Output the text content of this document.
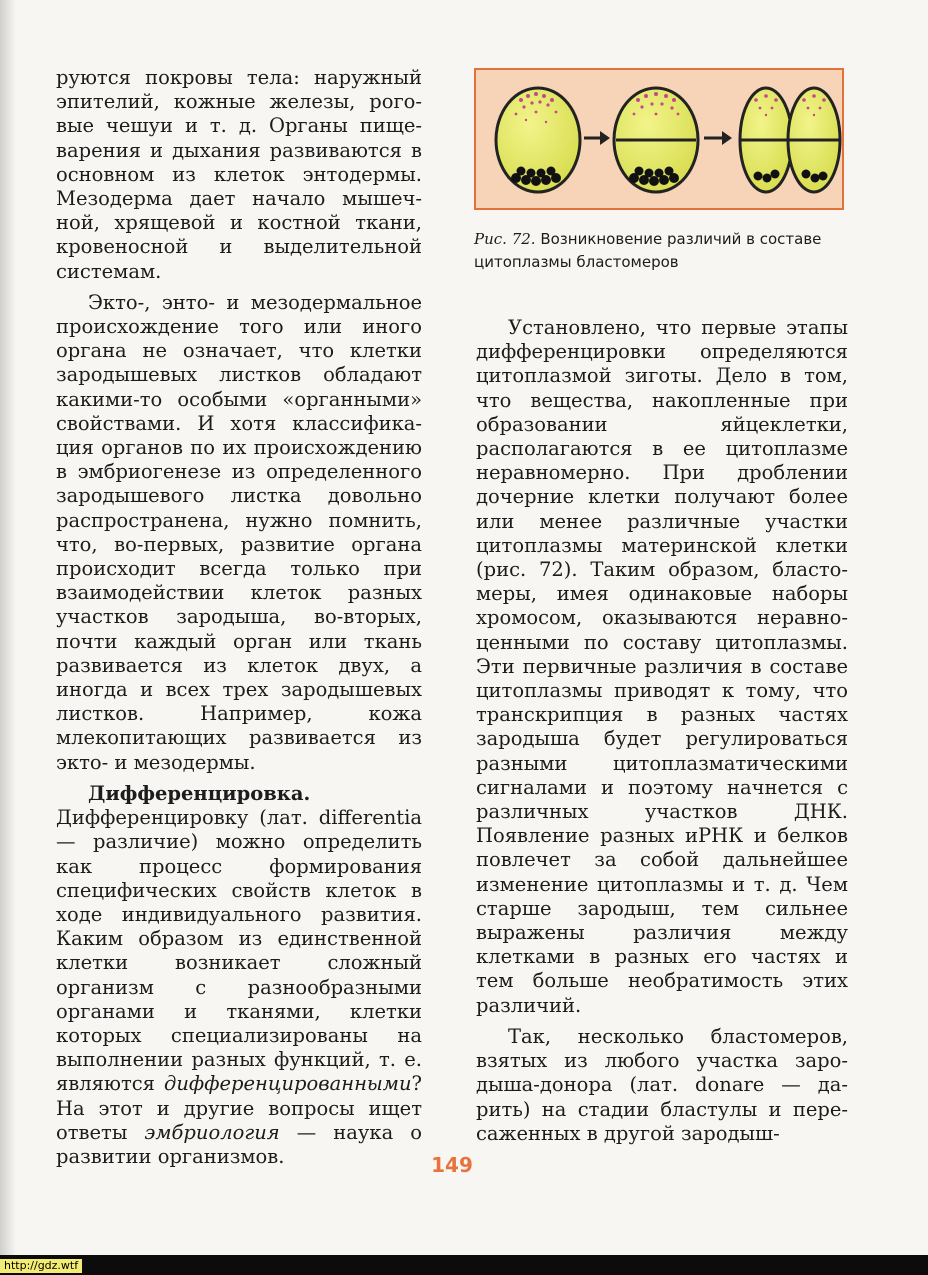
руются покровы тела: наружный эпителий, кожные железы, роговые чешуи и т. д. Органы пищеварения и дыхания развиваются в основном из клеток энтодермы. Мезодерма дает начало мышечной, хрящевой и костной ткани, кровеносной и выделительной системам.

Экто-, энто- и мезодермальное происхождение того или иного органа не означает, что клетки зародышевых листков обладают какими-то особыми «органными» свойствами. И хотя классификация органов по их происхождению в эмбриогенезе из определенного зародышевого листка довольно распространена, нужно помнить, что, во-первых, развитие органа происходит всегда только при взаимодействии клеток разных участков зародыша, во-вторых, почти каждый орган или ткань развивается из клеток двух, а иногда и всех трех зародышевых листков. Например, кожа млекопитающих развивается из экто- и мезодермы.

Дифференцировка. Дифференцировку (лат. differentia — различие) можно определить как процесс формирования специфических свойств клеток в ходе индивидуального развития. Каким образом из единственной клетки возникает сложный организм с разнообразными органами и тканями, клетки которых специализированы на выполнении разных функций, т. е. являются дифференцированными? На этот и другие вопросы ищет ответы эмбриология — наука о развитии организмов.

Рис. 72. Возникновение различий в составе цитоплазмы бластомеров

Установлено, что первые этапы дифференцировки определяются цитоплазмой зиготы. Дело в том, что вещества, накопленные при образовании яйцеклетки, располагаются в ее цитоплазме неравномерно. При дроблении дочерние клетки получают более или менее различные участки цитоплазмы материнской клетки (рис. 72). Таким образом, бластомеры, имея одинаковые наборы хромосом, оказываются неравноценными по составу цитоплазмы. Эти первичные различия в составе цитоплазмы приводят к тому, что транскрипция в разных частях зародыша будет регулироваться разными цитоплазматическими сигналами и поэтому начнется с различных участков ДНК. Появление разных иРНК и белков повлечет за собой дальнейшее изменение цитоплазмы и т. д. Чем старше зародыш, тем сильнее выражены различия между клетками в разных его частях и тем больше необратимость этих различий.

Так, несколько бластомеров, взятых из любого участка зародыша-донора (лат. donare — дарить) на стадии бластулы и пересаженных в другой зародыш-

149
http://gdz.wtf
